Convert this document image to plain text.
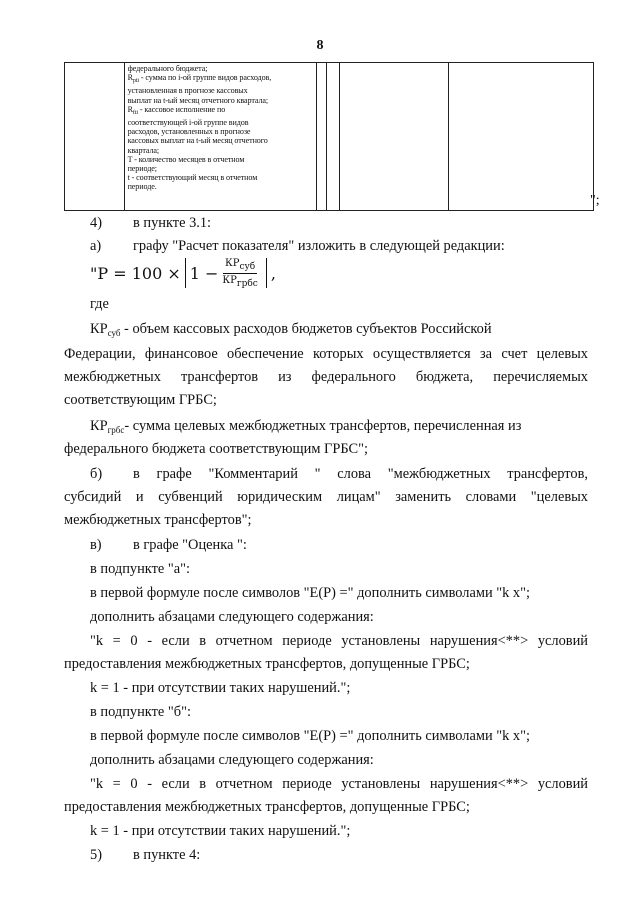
8

федерального бюджета;
$R_{pti}$ - сумма по i-ой группе видов расходов,
установленная в прогнозе кассовых
выплат на t-ый месяц отчетного квартала;
$R_{fti}$ - кассовое исполнение по
соответствующей i-ой группе видов
расходов, установленных в прогнозе
кассовых выплат на t-ый месяц отчетного
квартала;
T - количество месяцев в отчетном
периоде;
t - соответствующий месяц в отчетном
периоде.

";
4) в пункте 3.1:
а) графу "Расчет показателя" изложить в следующей редакции:
"$P = 100 \times 1 - \frac{КР_{суб}}{КР_{грбс}}$ ,
где
$КР_{суб}$ - объем кассовых расходов бюджетов субъектов Российской
Федерации, финансовое обеспечение которых осуществляется за счет целевых
межбюджетных трансфертов из федерального бюджета, перечисляемых
соответствующим ГРБС;
$КР_{грбс}-$ сумма целевых межбюджетных трансфертов, перечисленная из
федерального бюджета соответствующим ГРБС";
б) в графе "Комментарий " слова "межбюджетных трансфертов,
субсидий и субвенций юридическим лицам" заменить словами "целевых
межбюджетных трансфертов";
в) в графе "Оценка ":
в подпункте "а":
в первой формуле после символов "E(P) =" дополнить символами "k x";
дополнить абзацами следующего содержания:
"k = 0 - если в отчетном периоде установлены нарушения<**> условий
предоставления межбюджетных трансфертов, допущенные ГРБС;
k = 1 - при отсутствии таких нарушений.";
в подпункте "б":
в первой формуле после символов "E(P) =" дополнить символами "k x";
дополнить абзацами следующего содержания:
"k = 0 - если в отчетном периоде установлены нарушения<**> условий
предоставления межбюджетных трансфертов, допущенные ГРБС;
k = 1 - при отсутствии таких нарушений.";
5) в пункте 4:
